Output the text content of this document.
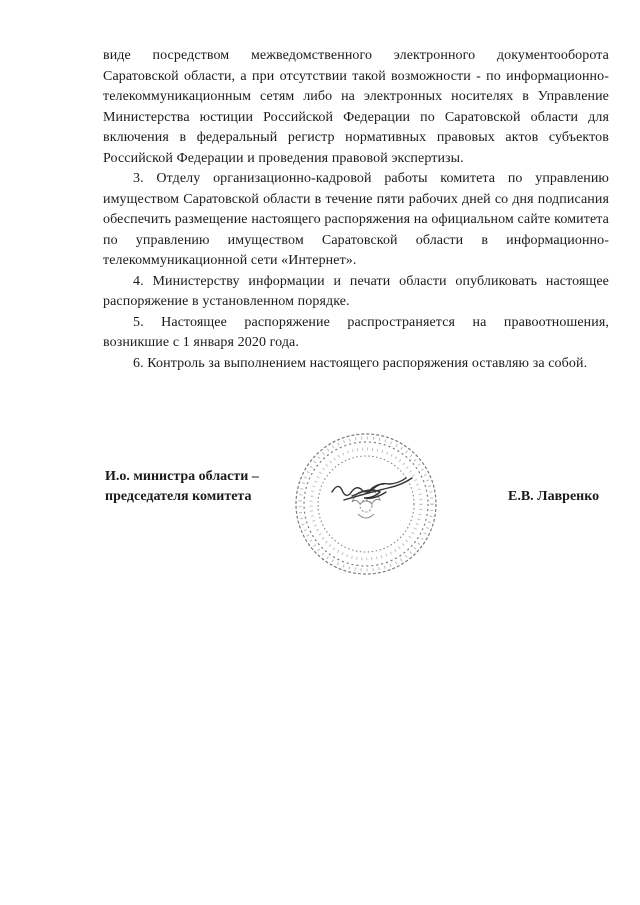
виде посредством межведомственного электронного документооборота Саратовской области, а при отсутствии такой возможности - по информационно-телекоммуникационным сетям либо на электронных носителях в Управление Министерства юстиции Российской Федерации по Саратовской области для включения в федеральный регистр нормативных правовых актов субъектов Российской Федерации и проведения правовой экспертизы.

3. Отделу организационно-кадровой работы комитета по управлению имуществом Саратовской области в течение пяти рабочих дней со дня подписания обеспечить размещение настоящего распоряжения на официальном сайте комитета по управлению имуществом Саратовской области в информационно-телекоммуникационной сети «Интернет».

4. Министерству информации и печати области опубликовать настоящее распоряжение в установленном порядке.

5. Настоящее распоряжение распространяется на правоотношения, возникшие с 1 января 2020 года.

6. Контроль за выполнением настоящего распоряжения оставляю за собой.

И.о. министра области –
председателя комитета	Е.В. Лавренко
